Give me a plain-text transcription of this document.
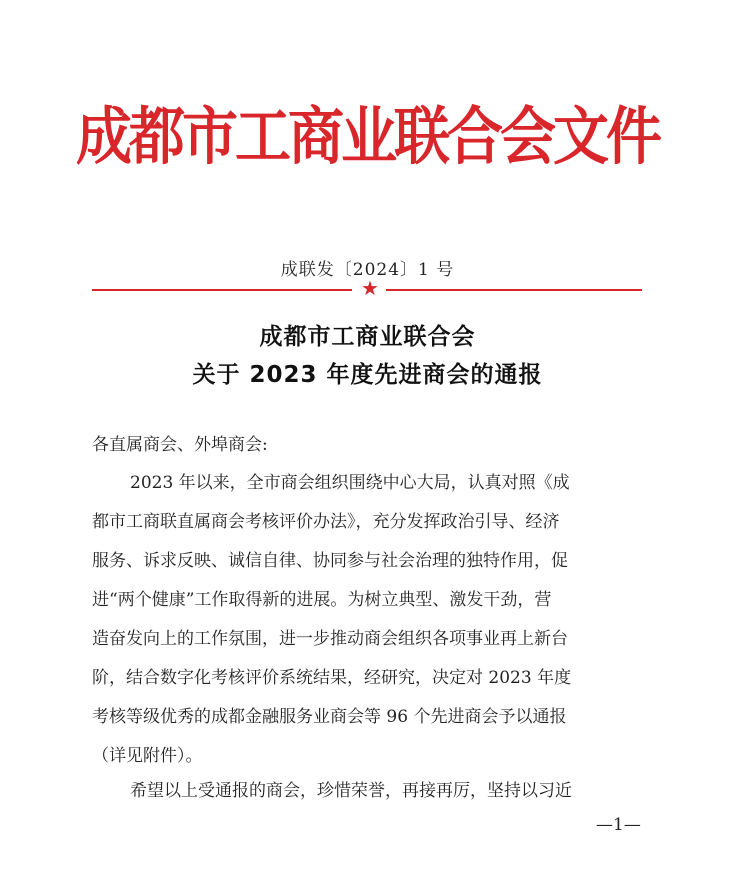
成都市工商业联合会文件
成联发〔2024〕1 号
★
成都市工商业联合会
关于 2023 年度先进商会的通报
各直属商会、外埠商会:
2023 年以来，全市商会组织围绕中心大局，认真对照《成
都市工商联直属商会考核评价办法》，充分发挥政治引导、经济
服务、诉求反映、诚信自律、协同参与社会治理的独特作用，促
进“两个健康”工作取得新的进展。为树立典型、激发干劲，营
造奋发向上的工作氛围，进一步推动商会组织各项事业再上新台
阶，结合数字化考核评价系统结果，经研究，决定对 2023 年度
考核等级优秀的成都金融服务业商会等 96 个先进商会予以通报
（详见附件）。
希望以上受通报的商会，珍惜荣誉，再接再厉，坚持以习近
—1—
